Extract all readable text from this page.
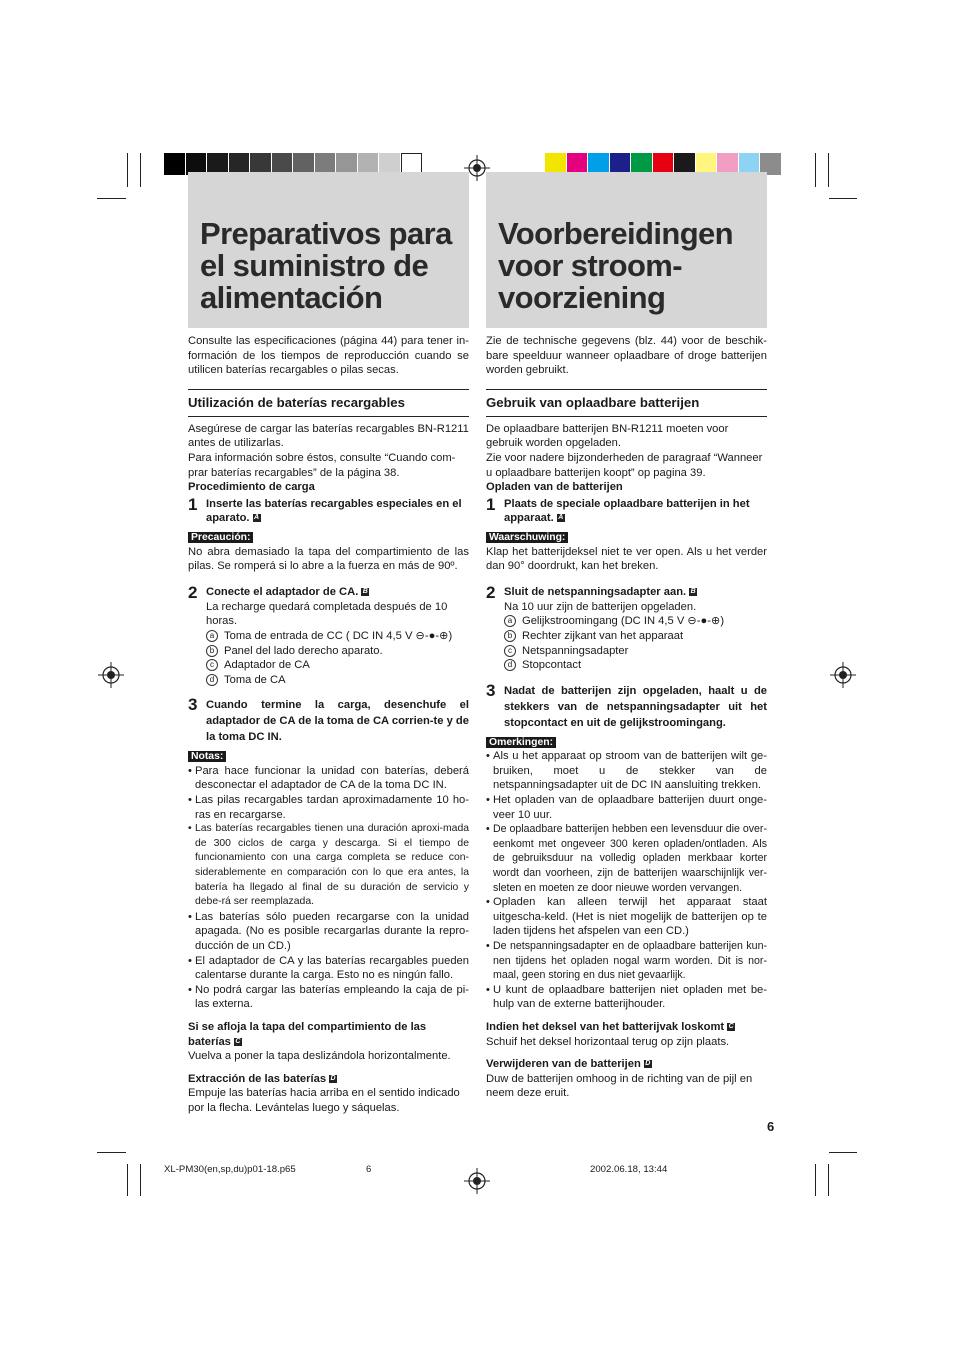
Preparativos para
el suministro de
alimentación
Voorbereidingen
voor stroom-
voorziening

Consulte las especificaciones (página 44) para tener in-formación de los tiempos de reproducción cuando se utilicen baterías recargables o pilas secas.

Utilización de baterías recargables

Asegúrese de cargar las baterías recargables BN-R1211 antes de utilizarlas.

Para información sobre éstos, consulte “Cuando com-prar baterías recargables” de la página 38.

Procedimiento de carga

1 Inserte las baterías recargables especiales en el aparato. A
Precaución:

No abra demasiado la tapa del compartimiento de las pilas. Se romperá si lo abre a la fuerza en más de 90º.

2 Conecte el adaptador de CA. B

La recharge quedará completada después de 10 horas.

a Toma de entrada de CC ( DC IN 4,5 V ⊖-●-⊕)
b Panel del lado derecho aparato.
c Adaptador de CA
d Toma de CA
3 Cuando termine la carga, desenchufe el adaptador de CA de la toma de CA corrien-te y de la toma DC IN.
Notas:
• Para hace funcionar la unidad con baterías, deberá desconectar el adaptador de CA de la toma DC IN.
• Las pilas recargables tardan aproximadamente 10 ho-ras en recargarse.
• Las baterías recargables tienen una duración aproxi-mada de 300 ciclos de carga y descarga. Si el tiempo de funcionamiento con una carga completa se reduce con-siderablemente en comparación con lo que era antes, la batería ha llegado al final de su duración de servicio y debe-rá ser reemplazada.
• Las baterías sólo pueden recargarse con la unidad apagada. (No es posible recargarlas durante la repro-ducción de un CD.)
• El adaptador de CA y las baterías recargables pueden calentarse durante la carga. Esto no es ningún fallo.
• No podrá cargar las baterías empleando la caja de pi-las externa.

Si se afloja la tapa del compartimiento de las baterías C

Vuelva a poner la tapa deslizándola horizontalmente.

Extracción de las baterías D

Empuje las baterías hacia arriba en el sentido indicado por la flecha. Levántelas luego y sáquelas.

Zie de technische gegevens (blz. 44) voor de beschik-bare speelduur wanneer oplaadbare of droge batterijen worden gebruikt.

Gebruik van oplaadbare batterijen

De oplaadbare batterijen BN-R1211 moeten voor gebruik worden opgeladen.

Zie voor nadere bijzonderheden de paragraaf “Wanneer u oplaadbare batterijen koopt” op pagina 39.

Opladen van de batterijen

1 Plaats de speciale oplaadbare batterijen in het apparaat. A
Waarschuwing:

Klap het batterijdeksel niet te ver open. Als u het verder dan 90° doordrukt, kan het breken.

2 Sluit de netspanningsadapter aan. B

Na 10 uur zijn de batterijen opgeladen.

a Gelijkstroomingang (DC IN 4,5 V ⊖-●-⊕)
b Rechter zijkant van het apparaat
c Netspanningsadapter
d Stopcontact
3 Nadat de batterijen zijn opgeladen, haalt u de stekkers van de netspanningsadapter uit het stopcontact en uit de gelijkstroomingang.
Omerkingen:
• Als u het apparaat op stroom van de batterijen wilt ge-bruiken, moet u de stekker van de netspanningsadapter uit de DC IN aansluiting trekken.
• Het opladen van de oplaadbare batterijen duurt onge-veer 10 uur.
• De oplaadbare batterijen hebben een levensduur die over-eenkomt met ongeveer 300 keren opladen/ontladen. Als de gebruiksduur na volledig opladen merkbaar korter wordt dan voorheen, zijn de batterijen waarschijnlijk ver-sleten en moeten ze door nieuwe worden vervangen.
• Opladen kan alleen terwijl het apparaat staat uitgescha-keld. (Het is niet mogelijk de batterijen op te laden tijdens het afspelen van een CD.)
• De netspanningsadapter en de oplaadbare batterijen kun-nen tijdens het opladen nogal warm worden. Dit is nor-maal, geen storing en dus niet gevaarlijk.
• U kunt de oplaadbare batterijen niet opladen met be-hulp van de externe batterijhouder.

Indien het deksel van het batterijvak loskomt C

Schuif het deksel horizontaal terug op zijn plaats.

Verwijderen van de batterijen D

Duw de batterijen omhoog in de richting van de pijl en neem deze eruit.

6
XL-PM30(en,sp,du)p01-18.p65	6	2002.06.18, 13:44
